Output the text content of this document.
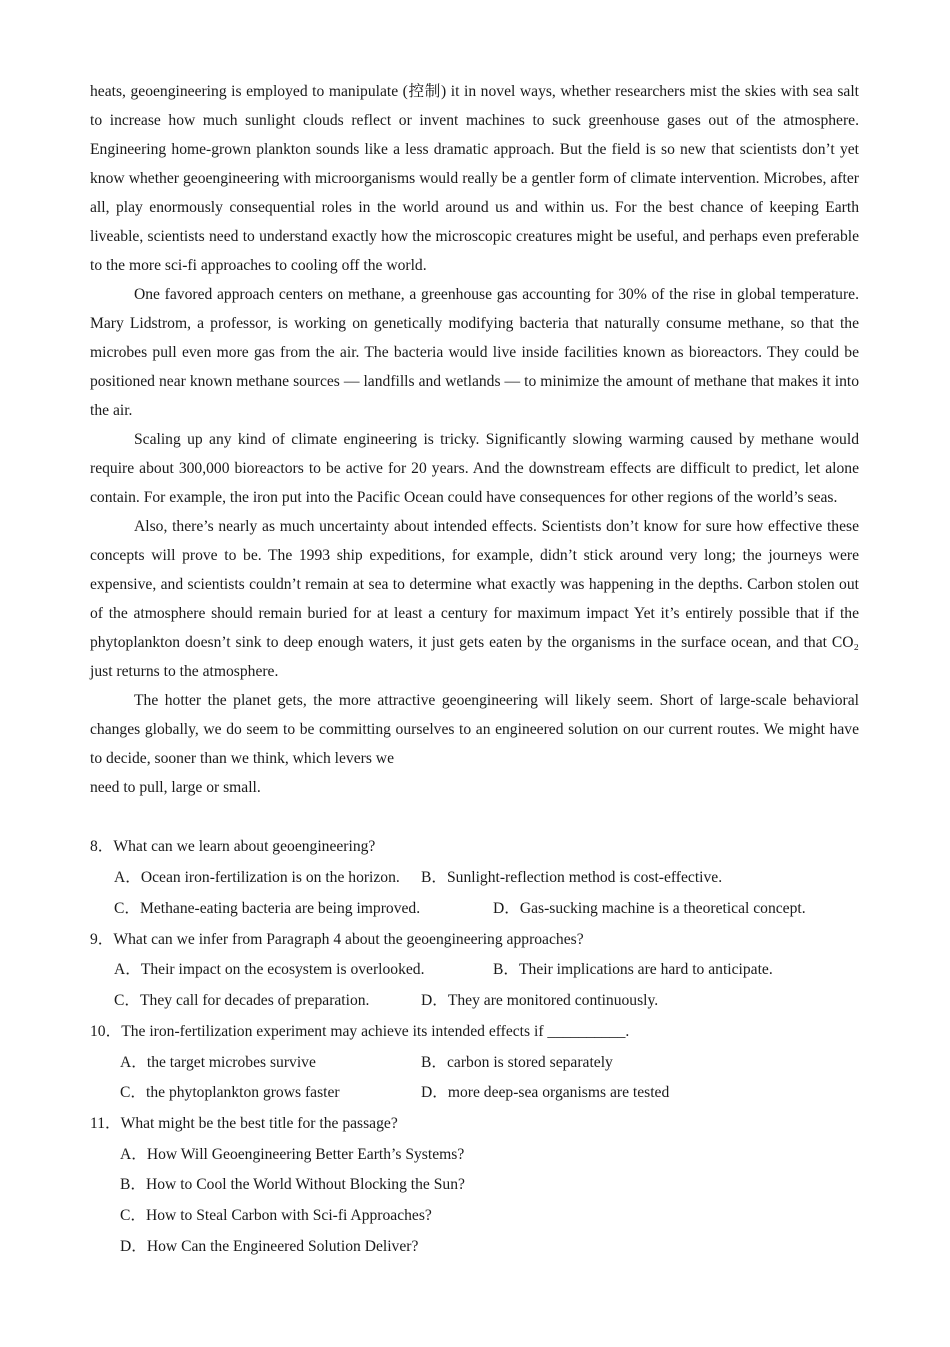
heats, geoengineering is employed to manipulate (控制) it in novel ways, whether researchers mist the skies with sea salt to increase how much sunlight clouds reflect or invent machines to suck greenhouse gases out of the atmosphere. Engineering home-grown plankton sounds like a less dramatic approach. But the field is so new that scientists don’t yet know whether geoengineering with microorganisms would really be a gentler form of climate intervention. Microbes, after all, play enormously consequential roles in the world around us and within us. For the best chance of keeping Earth liveable, scientists need to understand exactly how the microscopic creatures might be useful, and perhaps even preferable to the more sci-fi approaches to cooling off the world.

One favored approach centers on methane, a greenhouse gas accounting for 30% of the rise in global temperature. Mary Lidstrom, a professor, is working on genetically modifying bacteria that naturally consume methane, so that the microbes pull even more gas from the air. The bacteria would live inside facilities known as bioreactors. They could be positioned near known methane sources — landfills and wetlands — to minimize the amount of methane that makes it into the air.

Scaling up any kind of climate engineering is tricky. Significantly slowing warming caused by methane would require about 300,000 bioreactors to be active for 20 years. And the downstream effects are difficult to predict, let alone contain. For example, the iron put into the Pacific Ocean could have consequences for other regions of the world’s seas.

Also, there’s nearly as much uncertainty about intended effects. Scientists don’t know for sure how effective these concepts will prove to be. The 1993 ship expeditions, for example, didn’t stick around very long; the journeys were expensive, and scientists couldn’t remain at sea to determine what exactly was happening in the depths. Carbon stolen out of the atmosphere should remain buried for at least a century for maximum impact Yet it’s entirely possible that if the phytoplankton doesn’t sink to deep enough waters, it just gets eaten by the organisms in the surface ocean, and that CO₂ just returns to the atmosphere.

The hotter the planet gets, the more attractive geoengineering will likely seem. Short of large-scale behavioral changes globally, we do seem to be committing ourselves to an engineered solution on our current routes. We might have to decide, sooner than we think, which levers we

need to pull, large or small.

8．What can we learn about geoengineering?
A．Ocean iron-fertilization is on the horizon. B．Sunlight-reflection method is cost-effective.
C．Methane-eating bacteria are being improved.	D．Gas-sucking machine is a theoretical concept.
9．What can we infer from Paragraph 4 about the geoengineering approaches?
A．Their impact on the ecosystem is overlooked.	B．Their implications are hard to anticipate.
C．They call for decades of preparation.	D．They are monitored continuously.
10．The iron-fertilization experiment may achieve its intended effects if __________.
A．the target microbes survive	B．carbon is stored separately
C．the phytoplankton grows faster	D．more deep-sea organisms are tested
11．What might be the best title for the passage?
A．How Will Geoengineering Better Earth’s Systems?
B．How to Cool the World Without Blocking the Sun?
C．How to Steal Carbon with Sci-fi Approaches?
D．How Can the Engineered Solution Deliver?
